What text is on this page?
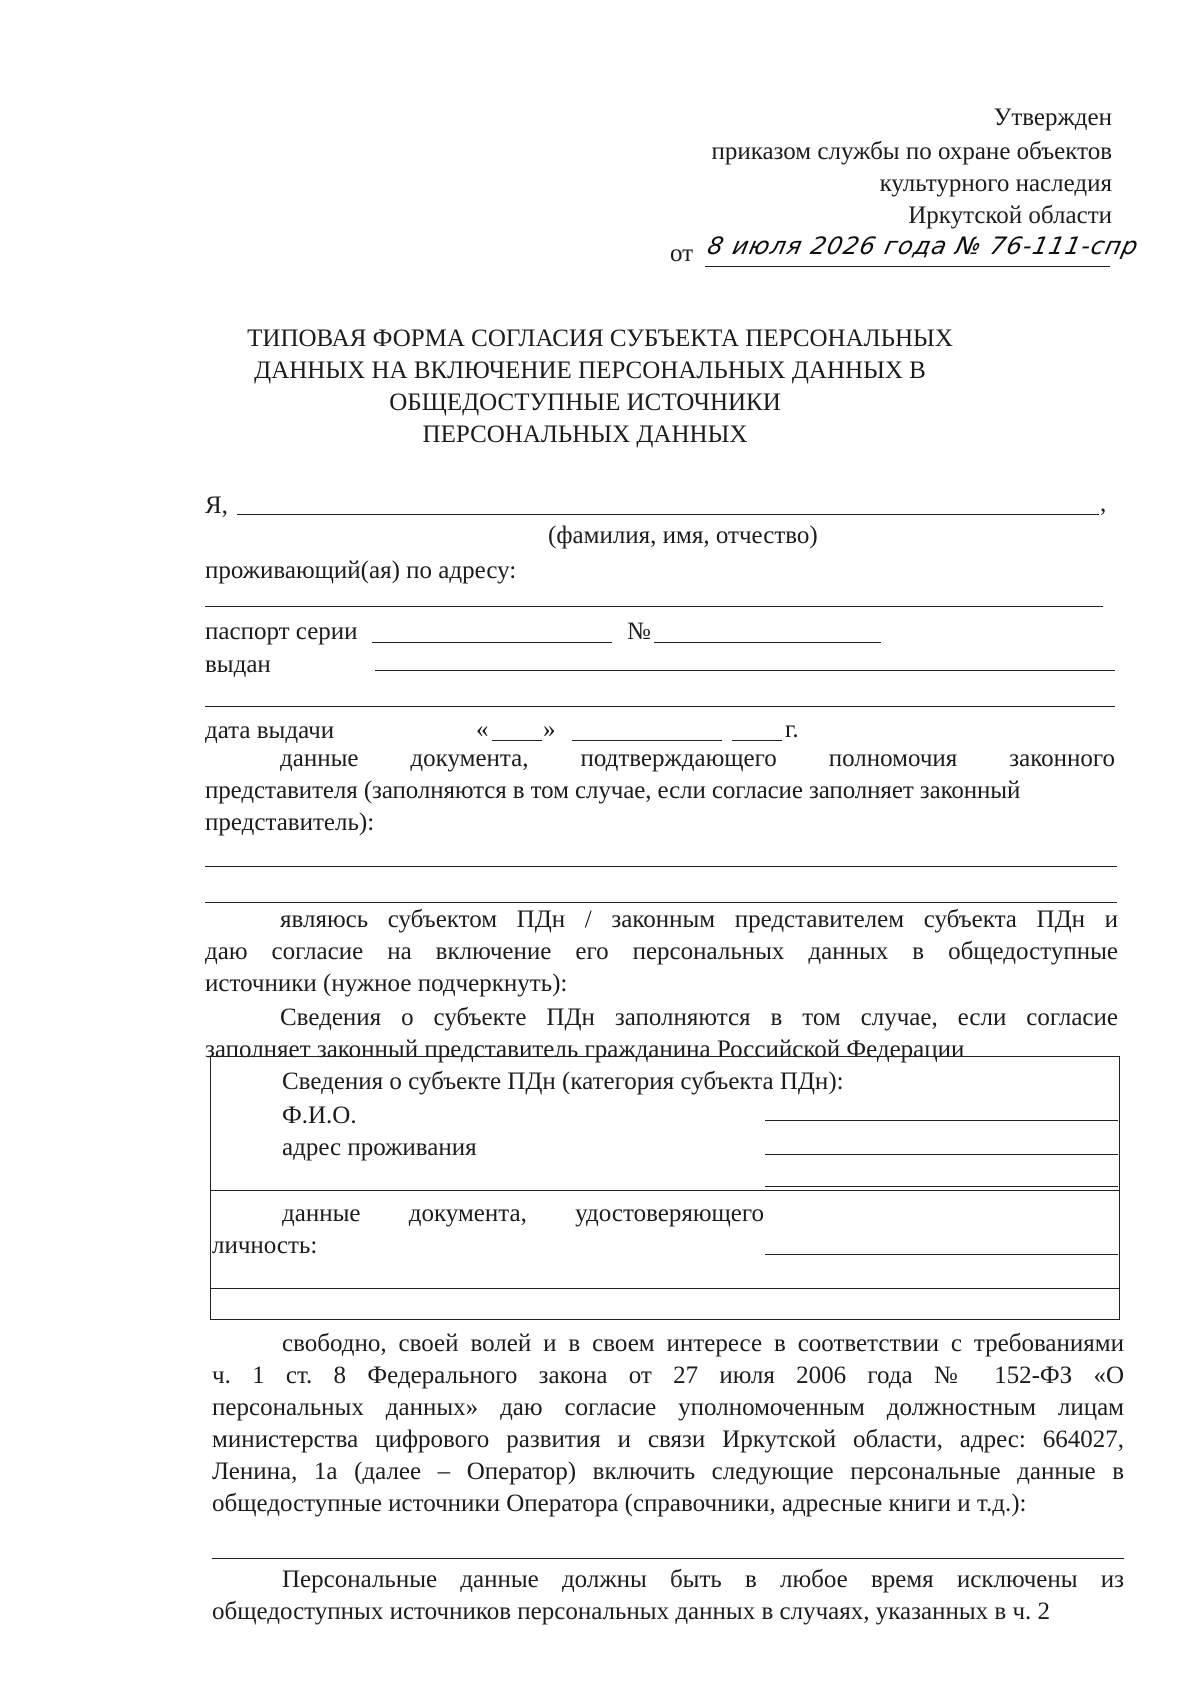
Утвержден
приказом службы по охране объектов
культурного наследия
Иркутской области
от 8 июля 2026 года № 76-111-спр
ТИПОВАЯ ФОРМА СОГЛАСИЯ СУБЪЕКТА ПЕРСОНАЛЬНЫХ
ДАННЫХ НА ВКЛЮЧЕНИЕ ПЕРСОНАЛЬНЫХ ДАННЫХ В
ОБЩЕДОСТУПНЫЕ ИСТОЧНИКИ
ПЕРСОНАЛЬНЫХ ДАННЫХ
Я,	,
(фамилия, имя, отчество)
проживающий(ая) по адресу:
паспорт серии	№
выдан
дата выдачи	« »	г.
данные документа, подтверждающего полномочия законного
представителя (заполняются в том случае, если согласие заполняет законный
представитель):
являюсь субъектом ПДн / законным представителем субъекта ПДн и
даю согласие на включение его персональных данных в общедоступные
источники (нужное подчеркнуть):
Сведения о субъекте ПДн заполняются в том случае, если согласие
заполняет законный представитель гражданина Российской Федерации
Сведения о субъекте ПДн (категория субъекта ПДн):
Ф.И.О.
адрес проживания
данные документа, удостоверяющего
личность:
свободно, своей волей и в своем интересе в соответствии с требованиями
ч. 1 ст. 8 Федерального закона от 27 июля 2006 года № 152-ФЗ «О
персональных данных» даю согласие уполномоченным должностным лицам
министерства цифрового развития и связи Иркутской области, адрес: 664027,
Ленина, 1а (далее – Оператор) включить следующие персональные данные в
общедоступные источники Оператора (справочники, адресные книги и т.д.):
Персональные данные должны быть в любое время исключены из
общедоступных источников персональных данных в случаях, указанных в ч. 2
